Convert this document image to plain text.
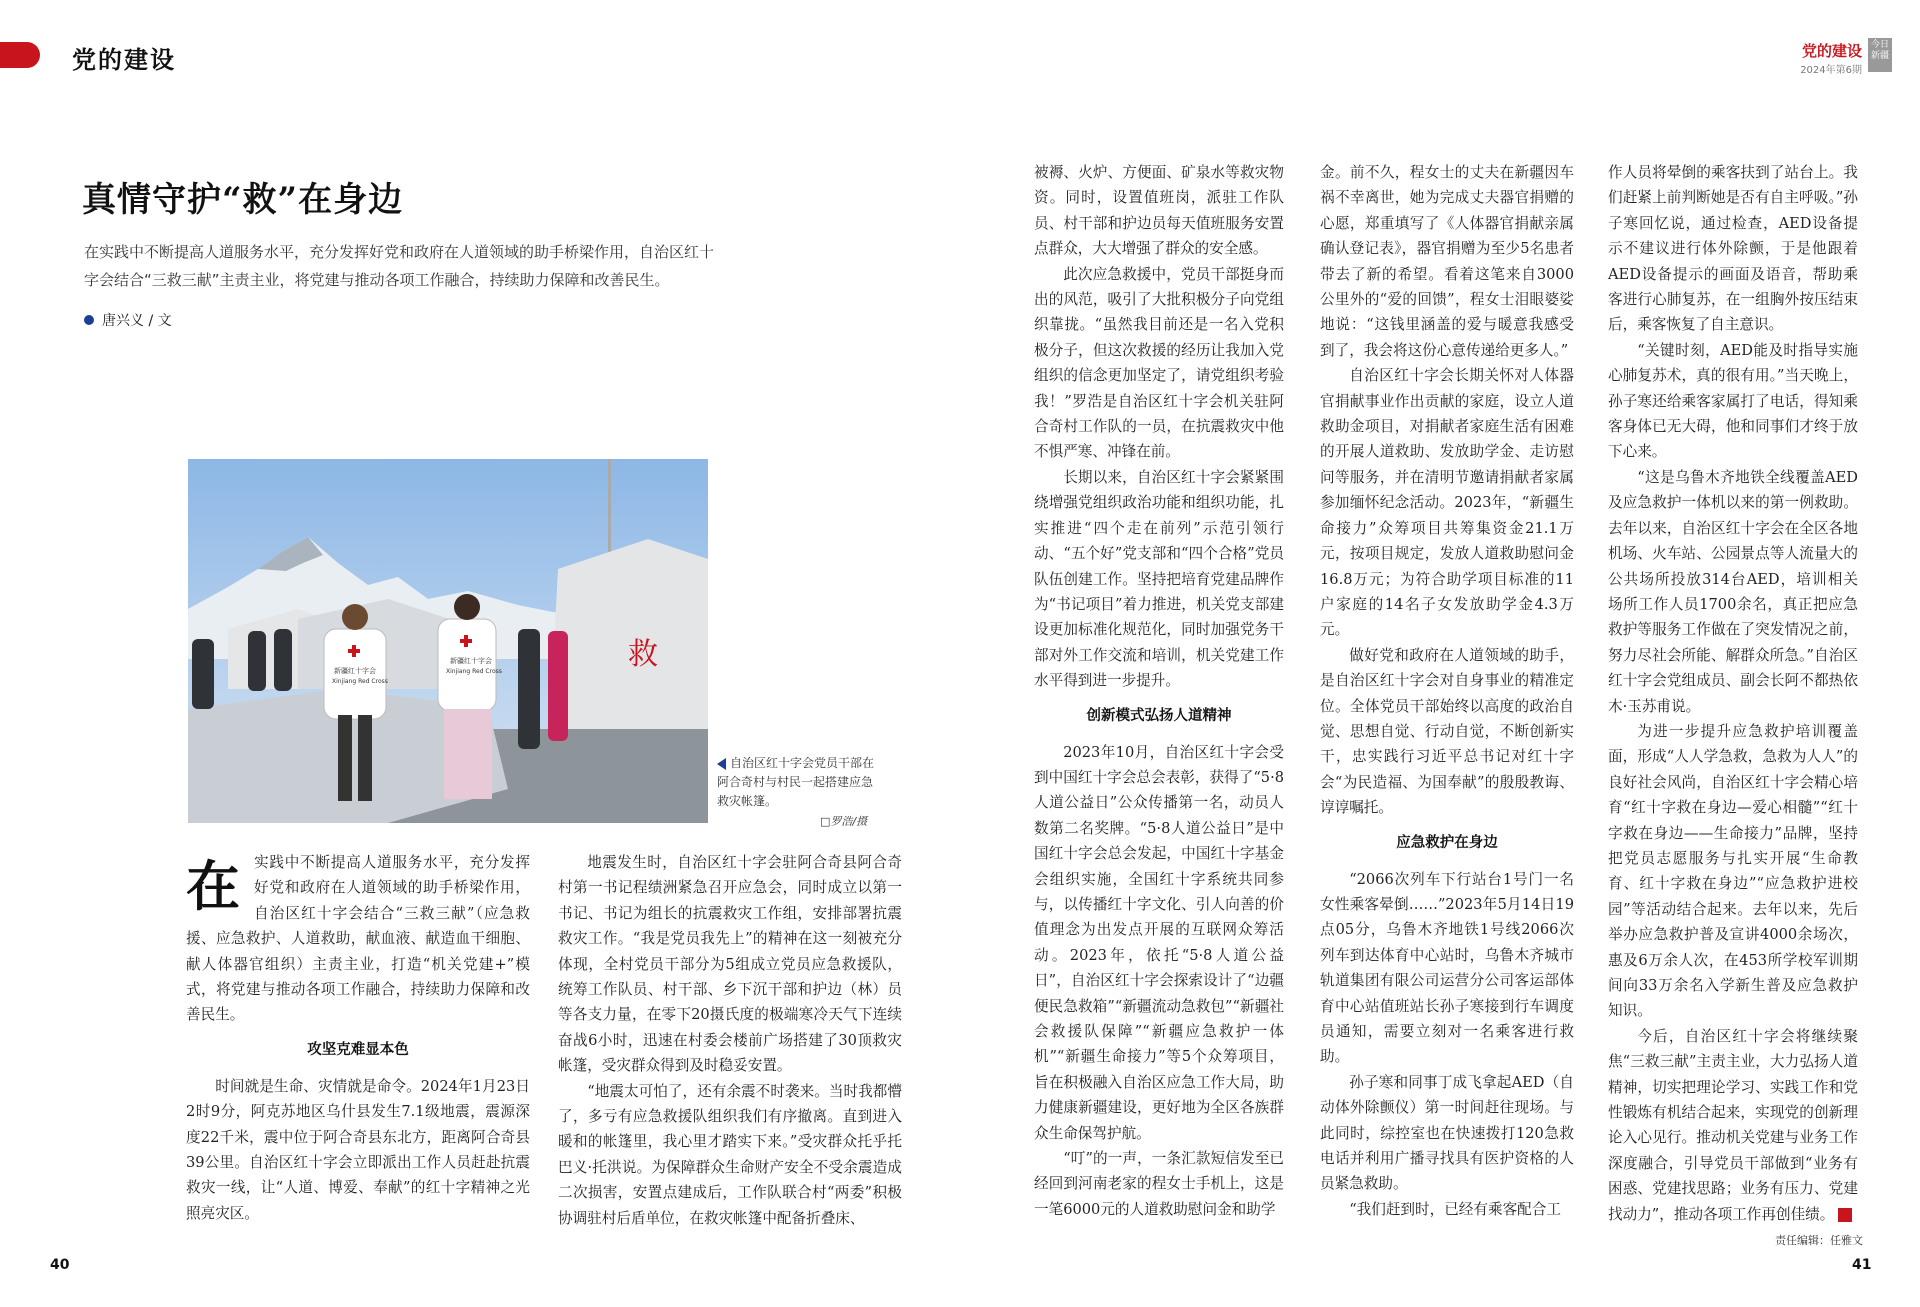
党的建设	党的建设
2024年第6期
今日新疆
真情守护“救”在身边
在实践中不断提高人道服务水平，充分发挥好党和政府在人道领域的助手桥梁作用，自治区红十字会结合“三救三献”主责主业，将党建与推动各项工作融合，持续助力保障和改善民生。
唐兴义 / 文
救
新疆红十字会
Xinjiang Red Cross
新疆红十字会
Xinjiang Red Cross
自治区红十字会党员干部在阿合奇村与村民一起搭建应急救灾帐篷。
□罗浩/摄

在实践中不断提高人道服务水平，充分发挥好党和政府在人道领域的助手桥梁作用，自治区红十字会结合“三救三献”（应急救援、应急救护、人道救助，献血液、献造血干细胞、献人体器官组织）主责主业，打造“机关党建+”模式，将党建与推动各项工作融合，持续助力保障和改善民生。

攻坚克难显本色

时间就是生命、灾情就是命令。2024年1月23日2时9分，阿克苏地区乌什县发生7.1级地震，震源深度22千米，震中位于阿合奇县东北方，距离阿合奇县39公里。自治区红十字会立即派出工作人员赶赴抗震救灾一线，让“人道、博爱、奉献”的红十字精神之光照亮灾区。

地震发生时，自治区红十字会驻阿合奇县阿合奇村第一书记程绩洲紧急召开应急会，同时成立以第一书记、书记为组长的抗震救灾工作组，安排部署抗震救灾工作。“我是党员我先上”的精神在这一刻被充分体现，全村党员干部分为5组成立党员应急救援队，统筹工作队员、村干部、乡下沉干部和护边（林）员等各支力量，在零下20摄氏度的极端寒冷天气下连续奋战6小时，迅速在村委会楼前广场搭建了30顶救灾帐篷，受灾群众得到及时稳妥安置。

“地震太可怕了，还有余震不时袭来。当时我都懵了，多亏有应急救援队组织我们有序撤离。直到进入暖和的帐篷里，我心里才踏实下来。”受灾群众托乎托巴义·托洪说。为保障群众生命财产安全不受余震造成二次损害，安置点建成后，工作队联合村“两委”积极协调驻村后盾单位，在救灾帐篷中配备折叠床、

被褥、火炉、方便面、矿泉水等救灾物资。同时，设置值班岗，派驻工作队员、村干部和护边员每天值班服务安置点群众，大大增强了群众的安全感。

此次应急救援中，党员干部挺身而出的风范，吸引了大批积极分子向党组织靠拢。“虽然我目前还是一名入党积极分子，但这次救援的经历让我加入党组织的信念更加坚定了，请党组织考验我！”罗浩是自治区红十字会机关驻阿合奇村工作队的一员，在抗震救灾中他不惧严寒、冲锋在前。

长期以来，自治区红十字会紧紧围绕增强党组织政治功能和组织功能，扎实推进“四个走在前列”示范引领行动、“五个好”党支部和“四个合格”党员队伍创建工作。坚持把培育党建品牌作为“书记项目”着力推进，机关党支部建设更加标准化规范化，同时加强党务干部对外工作交流和培训，机关党建工作水平得到进一步提升。

创新模式弘扬人道精神

2023年10月，自治区红十字会受到中国红十字会总会表彰，获得了“5·8人道公益日”公众传播第一名，动员人数第二名奖牌。“5·8人道公益日”是中国红十字会总会发起，中国红十字基金会组织实施，全国红十字系统共同参与，以传播红十字文化、引人向善的价值理念为出发点开展的互联网众筹活动。2023年，依托“5·8人道公益日”，自治区红十字会探索设计了“边疆便民急救箱”“新疆流动急救包”“新疆社会救援队保障”“新疆应急救护一体机”“新疆生命接力”等5个众筹项目，旨在积极融入自治区应急工作大局，助力健康新疆建设，更好地为全区各族群众生命保驾护航。

“叮”的一声，一条汇款短信发至已经回到河南老家的程女士手机上，这是一笔6000元的人道救助慰问金和助学

金。前不久，程女士的丈夫在新疆因车祸不幸离世，她为完成丈夫器官捐赠的心愿，郑重填写了《人体器官捐献亲属确认登记表》，器官捐赠为至少5名患者带去了新的希望。看着这笔来自3000公里外的“爱的回馈”，程女士泪眼婆娑地说：“这钱里涵盖的爱与暖意我感受到了，我会将这份心意传递给更多人。”

自治区红十字会长期关怀对人体器官捐献事业作出贡献的家庭，设立人道救助金项目，对捐献者家庭生活有困难的开展人道救助、发放助学金、走访慰问等服务，并在清明节邀请捐献者家属参加缅怀纪念活动。2023年，“新疆生命接力”众筹项目共筹集资金21.1万元，按项目规定，发放人道救助慰问金16.8万元；为符合助学项目标准的11户家庭的14名子女发放助学金4.3万元。

做好党和政府在人道领域的助手，是自治区红十字会对自身事业的精准定位。全体党员干部始终以高度的政治自觉、思想自觉、行动自觉，不断创新实干，忠实践行习近平总书记对红十字会“为民造福、为国奉献”的殷殷教诲、谆谆嘱托。

应急救护在身边

“2066次列车下行站台1号门一名女性乘客晕倒……”2023年5月14日19点05分，乌鲁木齐地铁1号线2066次列车到达体育中心站时，乌鲁木齐城市轨道集团有限公司运营分公司客运部体育中心站值班站长孙子寒接到行车调度员通知，需要立刻对一名乘客进行救助。

孙子寒和同事丁成飞拿起AED（自动体外除颤仪）第一时间赶往现场。与此同时，综控室也在快速拨打120急救电话并利用广播寻找具有医护资格的人员紧急救助。

“我们赶到时，已经有乘客配合工

作人员将晕倒的乘客扶到了站台上。我们赶紧上前判断她是否有自主呼吸。”孙子寒回忆说，通过检查，AED设备提示不建议进行体外除颤，于是他跟着AED设备提示的画面及语音，帮助乘客进行心肺复苏，在一组胸外按压结束后，乘客恢复了自主意识。

“关键时刻，AED能及时指导实施心肺复苏术，真的很有用。”当天晚上，孙子寒还给乘客家属打了电话，得知乘客身体已无大碍，他和同事们才终于放下心来。

“这是乌鲁木齐地铁全线覆盖AED及应急救护一体机以来的第一例救助。去年以来，自治区红十字会在全区各地机场、火车站、公园景点等人流量大的公共场所投放314台AED，培训相关场所工作人员1700余名，真正把应急救护等服务工作做在了突发情况之前，努力尽社会所能、解群众所急。”自治区红十字会党组成员、副会长阿不都热依木·玉苏甫说。

为进一步提升应急救护培训覆盖面，形成“人人学急救，急救为人人”的良好社会风尚，自治区红十字会精心培育“红十字救在身边—爱心相髓”“红十字救在身边——生命接力”品牌，坚持把党员志愿服务与扎实开展“生命教育、红十字救在身边”“应急救护进校园”等活动结合起来。去年以来，先后举办应急救护普及宣讲4000余场次，惠及6万余人次，在453所学校军训期间向33万余名入学新生普及应急救护知识。

今后，自治区红十字会将继续聚焦“三救三献”主责主业，大力弘扬人道精神，切实把理论学习、实践工作和党性锻炼有机结合起来，实现党的创新理论入心见行。推动机关党建与业务工作深度融合，引导党员干部做到“业务有困惑、党建找思路；业务有压力、党建找动力”，推动各项工作再创佳绩。

责任编辑：任雅文
40	41
